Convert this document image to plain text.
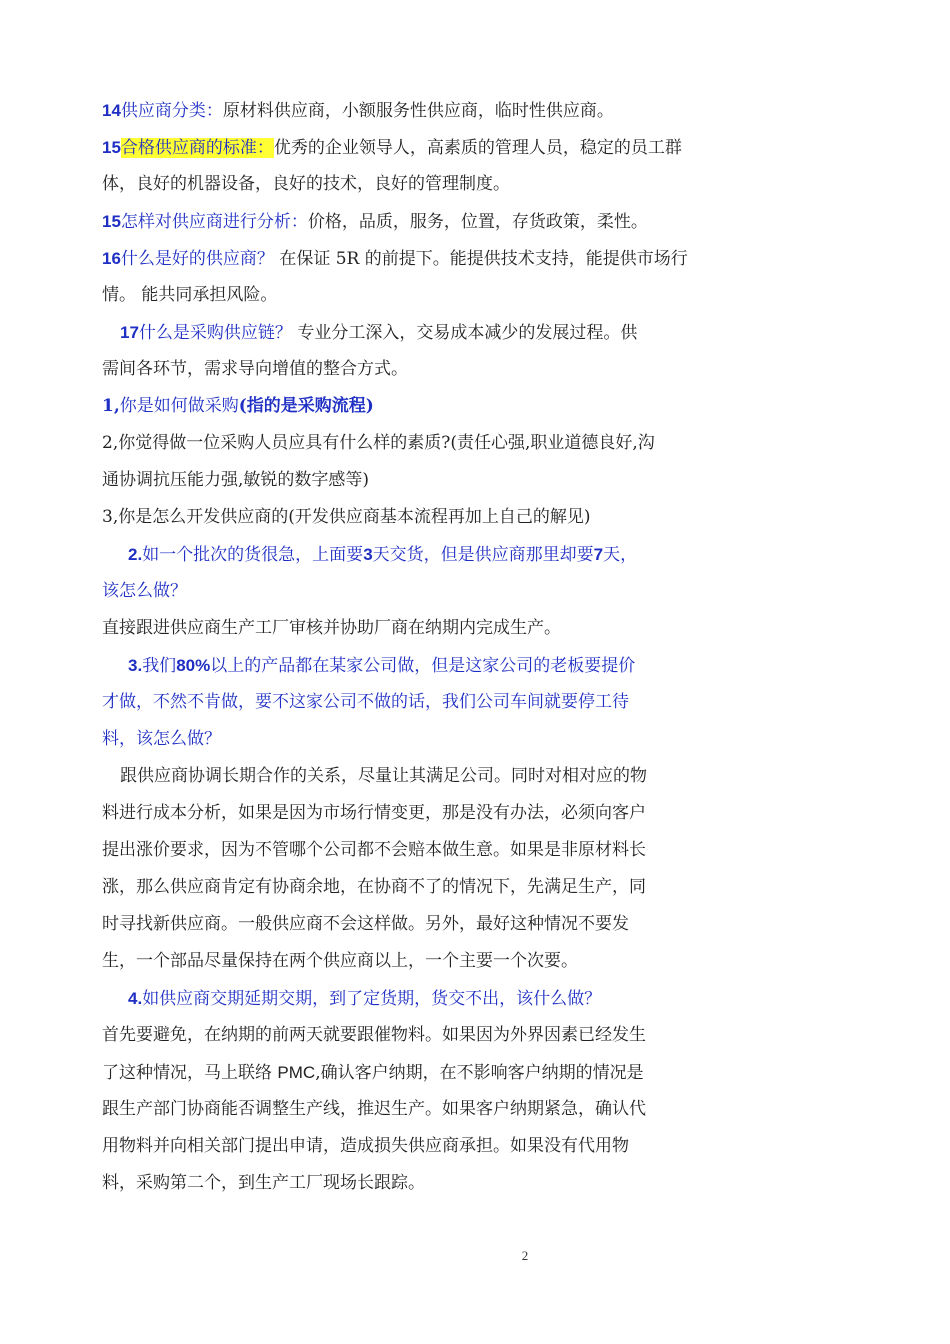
14供应商分类：原材料供应商，小额服务性供应商，临时性供应商。
15合格供应商的标准：优秀的企业领导人，高素质的管理人员，稳定的员工群
体，良好的机器设备，良好的技术，良好的管理制度。
15怎样对供应商进行分析：价格，品质，服务，位置，存货政策，柔性。
16什么是好的供应商？ 在保证 5R 的前提下。能提供技术支持，能提供市场行
情。 能共同承担风险。
17什么是采购供应链？ 专业分工深入，交易成本减少的发展过程。供
需间各环节，需求导向增值的整合方式。
1,你是如何做采购(指的是采购流程)
2,你觉得做一位采购人员应具有什么样的素质?(责任心强,职业道德良好,沟
通协调抗压能力强,敏锐的数字感等)
3,你是怎么开发供应商的(开发供应商基本流程再加上自己的解见)
2.如一个批次的货很急，上面要3天交货，但是供应商那里却要7天，
该怎么做？
直接跟进供应商生产工厂审核并协助厂商在纳期内完成生产。
3.我们80%以上的产品都在某家公司做，但是这家公司的老板要提价
才做，不然不肯做，要不这家公司不做的话，我们公司车间就要停工待
料，该怎么做？
跟供应商协调长期合作的关系，尽量让其满足公司。同时对相对应的物
料进行成本分析，如果是因为市场行情变更，那是没有办法，必须向客户
提出涨价要求，因为不管哪个公司都不会赔本做生意。如果是非原材料长
涨，那么供应商肯定有协商余地，在协商不了的情况下，先满足生产，同
时寻找新供应商。一般供应商不会这样做。另外，最好这种情况不要发
生，一个部品尽量保持在两个供应商以上，一个主要一个次要。
4.如供应商交期延期交期，到了定货期，货交不出，该什么做？
首先要避免，在纳期的前两天就要跟催物料。如果因为外界因素已经发生
了这种情况，马上联络 PMC,确认客户纳期，在不影响客户纳期的情况是
跟生产部门协商能否调整生产线，推迟生产。如果客户纳期紧急，确认代
用物料并向相关部门提出申请，造成损失供应商承担。如果没有代用物
料，采购第二个，到生产工厂现场长跟踪。
2
